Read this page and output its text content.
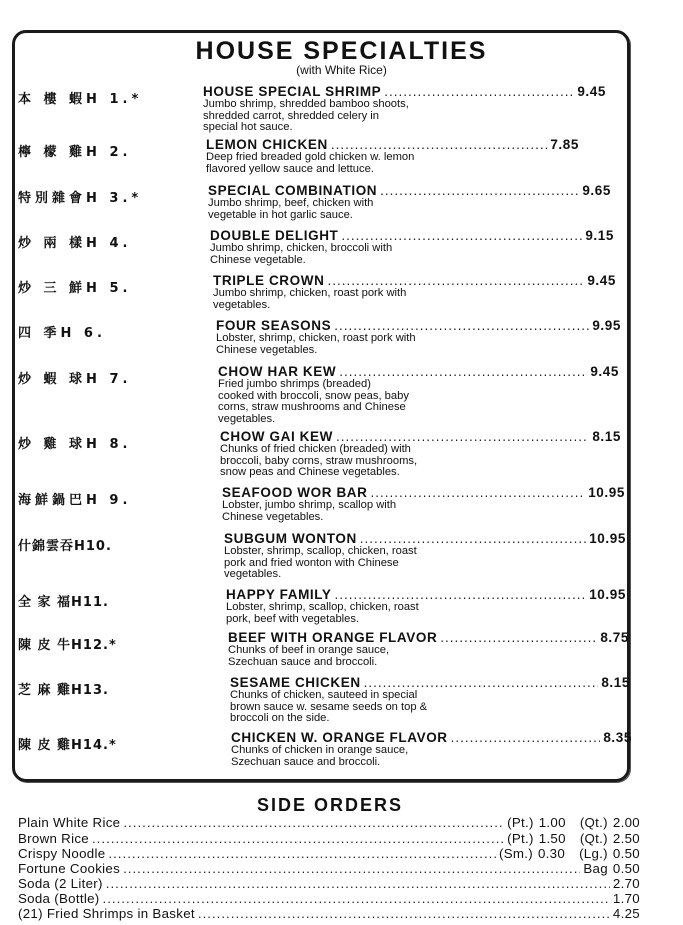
HOUSE SPECIALTIES
(with White Rice)
本 樓 蝦H 1.*
HOUSE SPECIAL SHRIMP .....	9.45
Jumbo shrimp, shredded bamboo shoots,
shredded carrot, shredded celery in
special hot sauce.
檸 檬 雞H 2.
LEMON CHICKEN .....	7.85
Deep fried breaded gold chicken w. lemon
flavored yellow sauce and lettuce.
特別雜會H 3.*
SPECIAL COMBINATION .....	9.65
Jumbo shrimp, beef, chicken with
vegetable in hot garlic sauce.
炒 兩 樣H 4.
DOUBLE DELIGHT .....	9.15
Jumbo shrimp, chicken, broccoli with
Chinese vegetable.
炒 三 鮮H 5.
TRIPLE CROWN .....	9.45
Jumbo shrimp, chicken, roast pork with
vegetables.
四 季H 6.
FOUR SEASONS .....	9.95
Lobster, shrimp, chicken, roast pork with
Chinese vegetables.
炒 蝦 球H 7.
CHOW HAR KEW .....	9.45
Fried jumbo shrimps (breaded)
cooked with broccoli, snow peas, baby
corns, straw mushrooms and Chinese
vegetables.
炒 雞 球H 8.
CHOW GAI KEW .....	8.15
Chunks of fried chicken (breaded) with
broccoli, baby corns, straw mushrooms,
snow peas and Chinese vegetables.
海鮮鍋巴H 9.
SEAFOOD WOR BAR .....	10.95
Lobster, jumbo shrimp, scallop with
Chinese vegetables.
什錦雲吞H10.
SUBGUM WONTON .....	10.95
Lobster, shrimp, scallop, chicken, roast
pork and fried wonton with Chinese
vegetables.
全 家 福H11.
HAPPY FAMILY .....	10.95
Lobster, shrimp, scallop, chicken, roast
pork, beef with vegetables.
陳 皮 牛H12.*
BEEF WITH ORANGE FLAVOR .....	8.75
Chunks of beef in orange sauce,
Szechuan sauce and broccoli.
芝 麻 雞H13.
SESAME CHICKEN .....	8.15
Chunks of chicken, sauteed in special
brown sauce w. sesame seeds on top &
broccoli on the side.
陳 皮 雞H14.*
CHICKEN W. ORANGE FLAVOR .....	8.35
Chunks of chicken in orange sauce,
Szechuan sauce and broccoli.
SIDE ORDERS
Plain White Rice .....	(Pt.) 1.00 (Qt.) 2.00
Brown Rice .....	(Pt.) 1.50 (Qt.) 2.50
Crispy Noodle .....	(Sm.) 0.30 (Lg.) 0.50
Fortune Cookies .....	Bag 0.50
Soda (2 Liter) .....	2.70
Soda (Bottle) .....	1.70
(21) Fried Shrimps in Basket .....	4.25
